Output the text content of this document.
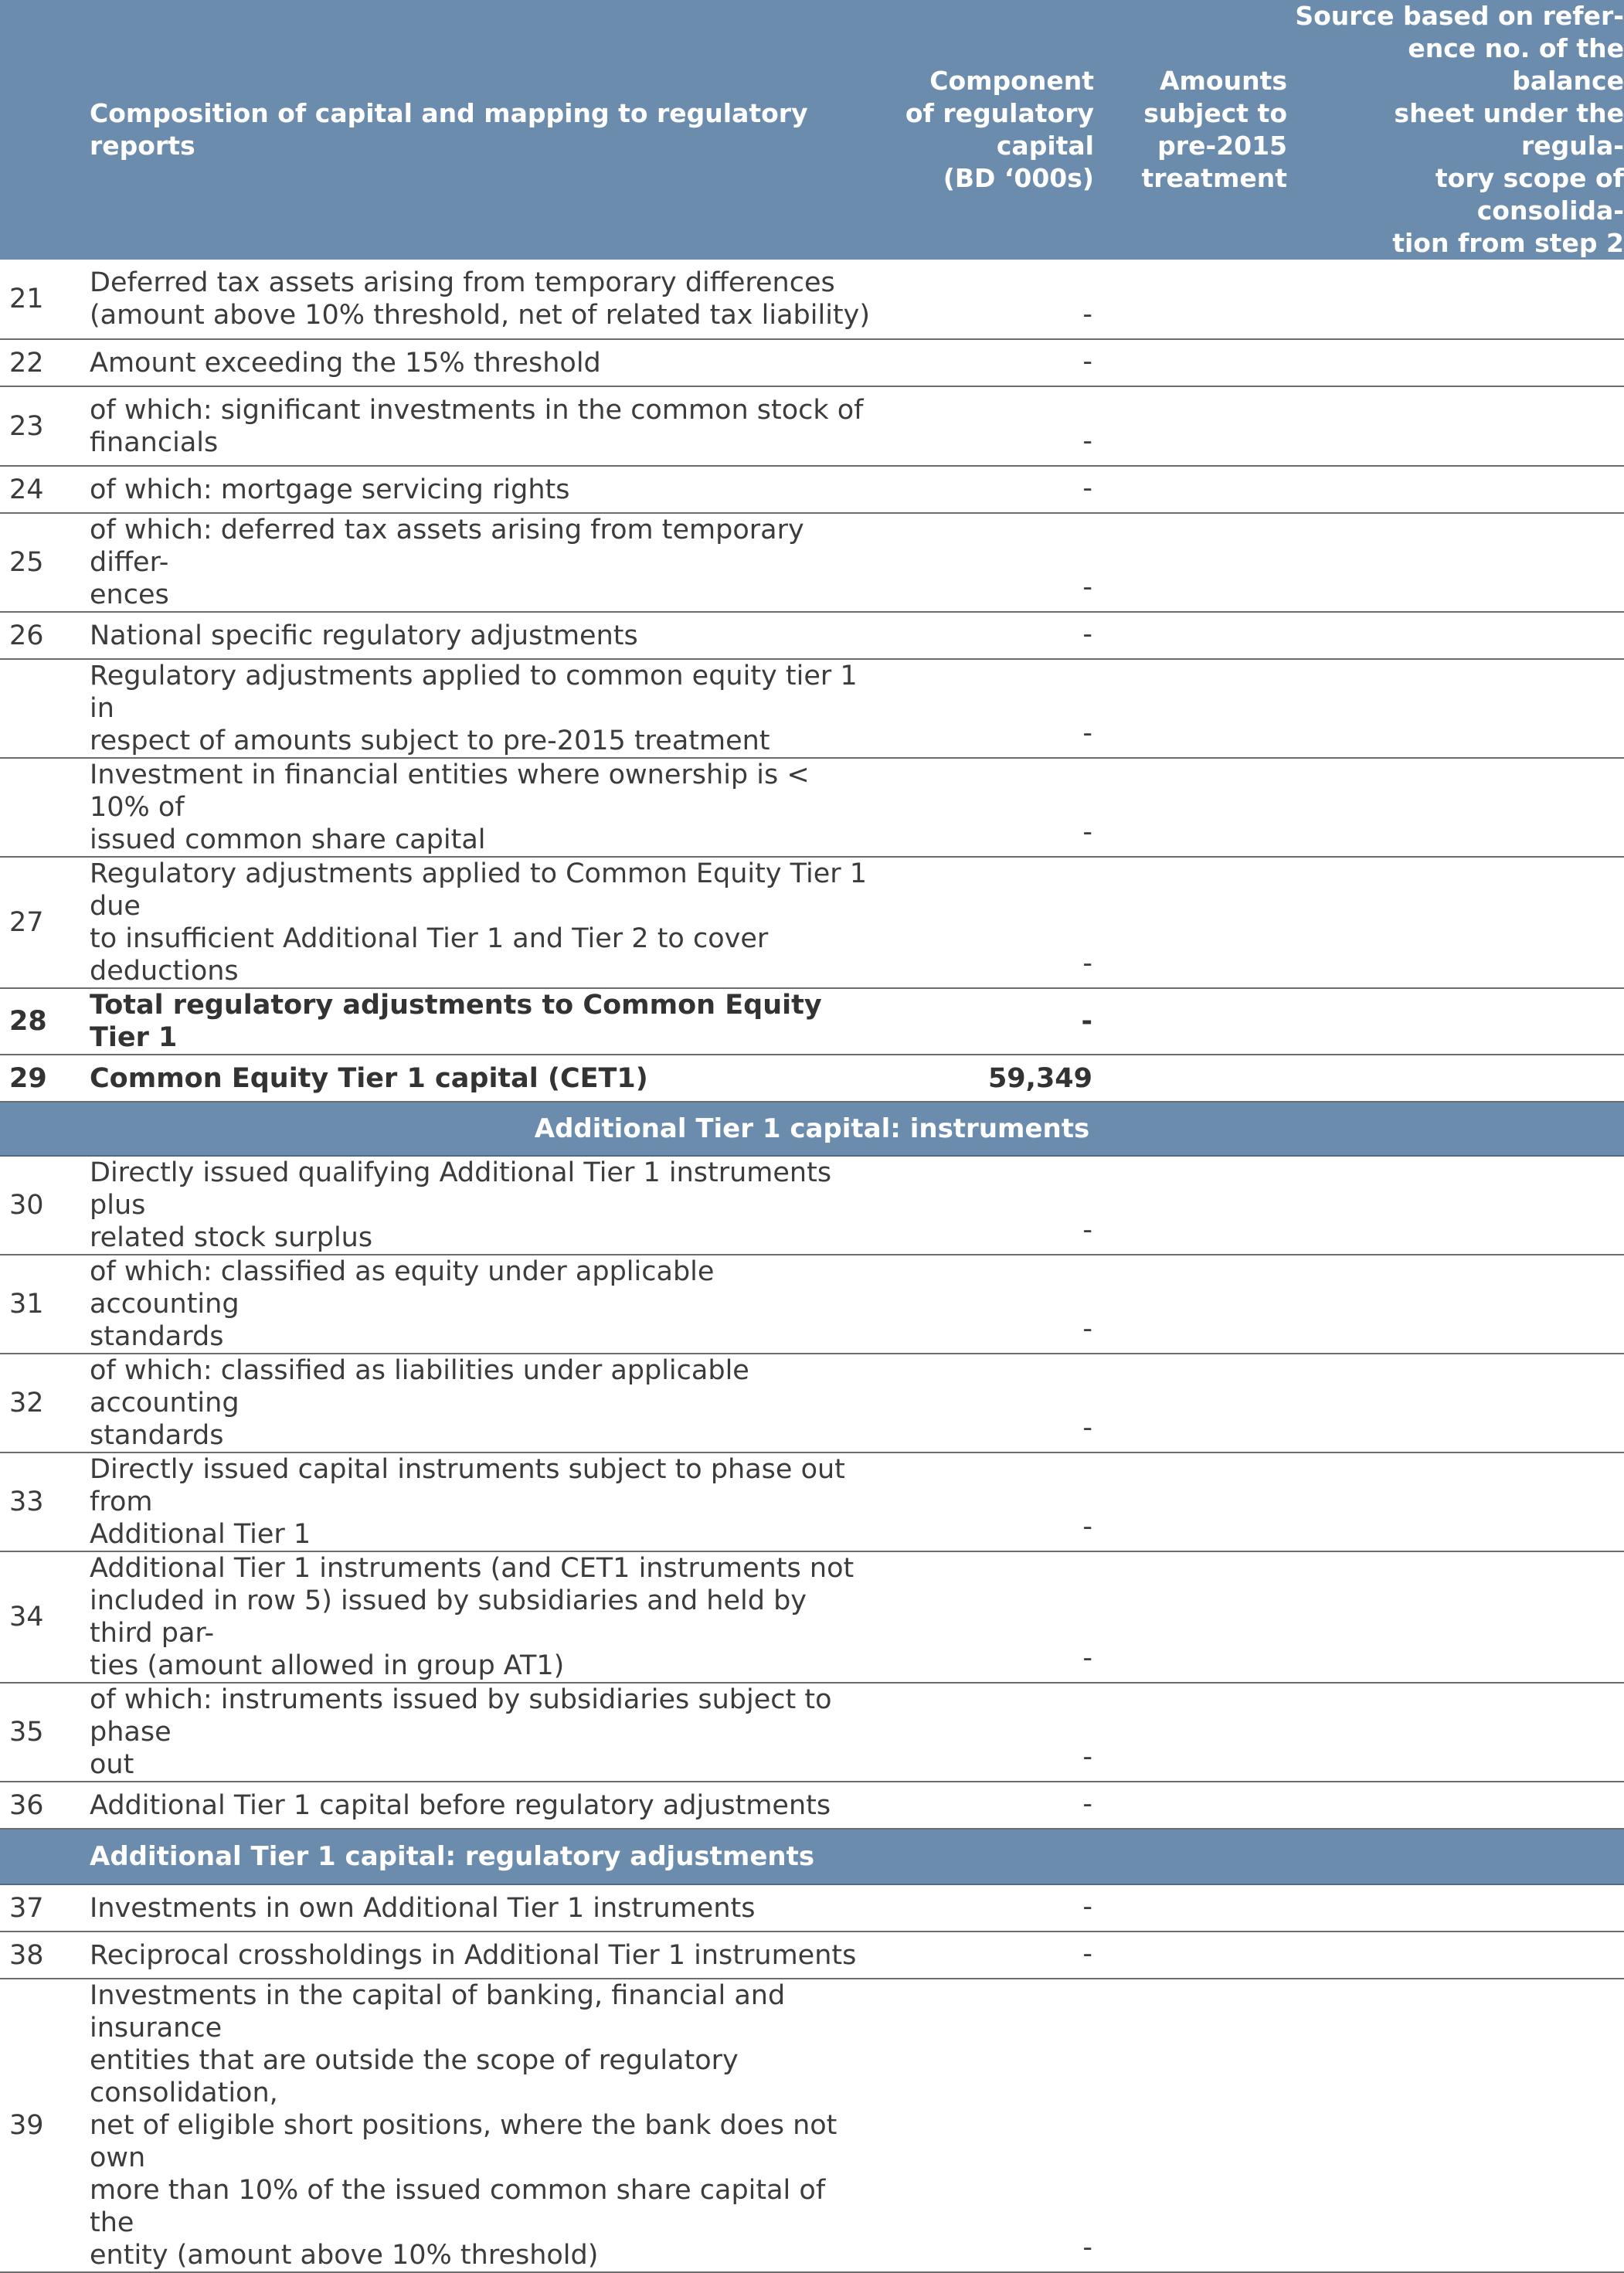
	Composition of capital and mapping to regulatory reports	Component
of regulatory
capital
(BD ‘000s)	Amounts
subject to
pre-2015
treatment	Source based on refer-
ence no. of the balance
sheet under the regula-
tory scope of consolida-
tion from step 2
21	Deferred tax assets arising from temporary differences
(amount above 10% threshold, net of related tax liability)	-		
22	Amount exceeding the 15% threshold	-		
23	of which: significant investments in the common stock of
financials	-		
24	of which: mortgage servicing rights	-		
25	of which: deferred tax assets arising from temporary differ-
ences	-		
26	National specific regulatory adjustments	-		
	Regulatory adjustments applied to common equity tier 1 in
respect of amounts subject to pre-2015 treatment	-		
	Investment in financial entities where ownership is < 10% of
issued common share capital	-		
27	Regulatory adjustments applied to Common Equity Tier 1 due
to insufficient Additional Tier 1 and Tier 2 to cover deductions	-		
28	Total regulatory adjustments to Common Equity Tier 1	-		
29	Common Equity Tier 1 capital (CET1)	59,349		
Additional Tier 1 capital: instruments				
30	Directly issued qualifying Additional Tier 1 instruments plus
related stock surplus	-		
31	of which: classified as equity under applicable accounting
standards	-		
32	of which: classified as liabilities under applicable accounting
standards	-		
33	Directly issued capital instruments subject to phase out from
Additional Tier 1	-		
34	Additional Tier 1 instruments (and CET1 instruments not
included in row 5) issued by subsidiaries and held by third par-
ties (amount allowed in group AT1)	-		
35	of which: instruments issued by subsidiaries subject to phase
out	-		
36	Additional Tier 1 capital before regulatory adjustments	-		
	Additional Tier 1 capital: regulatory adjustments			
37	Investments in own Additional Tier 1 instruments	-		
38	Reciprocal crossholdings in Additional Tier 1 instruments	-		
39	Investments in the capital of banking, financial and insurance
entities that are outside the scope of regulatory consolidation,
net of eligible short positions, where the bank does not own
more than 10% of the issued common share capital of the
entity (amount above 10% threshold)	-		
